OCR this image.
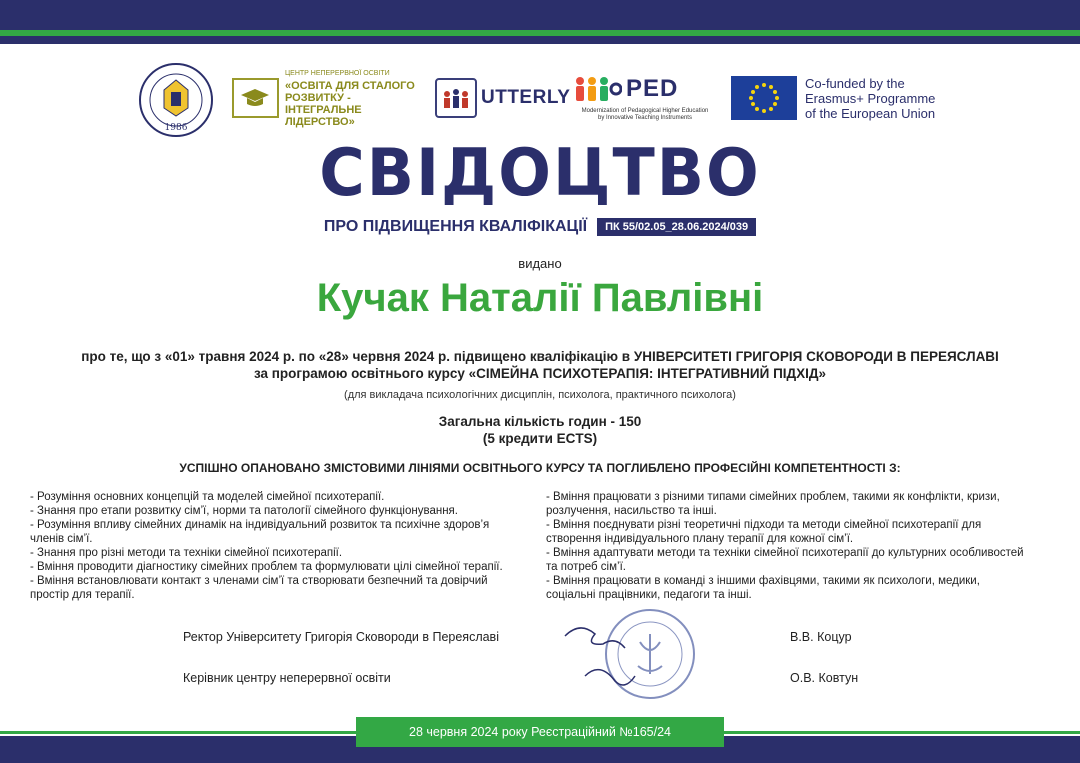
1986
ЦЕНТР НЕПЕРЕРВНОЇ ОСВІТИ
«ОСВІТА ДЛЯ СТАЛОГО
РОЗВИТКУ - ІНТЕГРАЛЬНЕ
ЛІДЕРСТВО»
UTTERLY PED
Modernization of Pedagogical Higher Education
by Innovative Teaching Instruments
Co-funded by the
Erasmus+ Programme
of the European Union
СВІДОЦТВО
ПРО ПІДВИЩЕННЯ КВАЛІФІКАЦІЇ	ПК 55/02.05_28.06.2024/039
видано
Кучак Наталії Павлівні
про те, що з «01» травня 2024 р. по «28» червня 2024 р. підвищено кваліфікацію в УНІВЕРСИТЕТІ ГРИГОРІЯ СКОВОРОДИ В ПЕРЕЯСЛАВІ
за програмою освітнього курсу «СІМЕЙНА ПСИХОТЕРАПІЯ: ІНТЕГРАТИВНИЙ ПІДХІД»
(для викладача психологічних дисциплін, психолога, практичного психолога)
Загальна кількість годин - 150
(5 кредити ECTS)
УСПІШНО ОПАНОВАНО ЗМІСТОВИМИ ЛІНІЯМИ ОСВІТНЬОГО КУРСУ ТА ПОГЛИБЛЕНО ПРОФЕСІЙНІ КОМПЕТЕНТНОСТІ З:
- Розуміння основних концепцій та моделей сімейної психотерапії.
- Знання про етапи розвитку сім’ї, норми та патології сімейного функціонування.
- Розуміння впливу сімейних динамік на індивідуальний розвиток та психічне здоров’я
членів сім’ї.
- Знання про різні методи та техніки сімейної психотерапії.
- Вміння проводити діагностику сімейних проблем та формулювати цілі сімейної терапії.
- Вміння встановлювати контакт з членами сім’ї та створювати безпечний та довірчий
простір для терапії.
- Вміння працювати з різними типами сімейних проблем, такими як конфлікти, кризи,
розлучення, насильство та інші.
- Вміння поєднувати різні теоретичні підходи та методи сімейної психотерапії для
створення індивідуального плану терапії для кожної сім’ї.
- Вміння адаптувати методи та техніки сімейної психотерапії до культурних особливостей
та потреб сім’ї.
- Вміння працювати в команді з іншими фахівцями, такими як психологи, медики,
соціальні працівники, педагоги та інші.
Ректор Університету Григорія Сковороди в Переяславі	В.В. Коцур
Керівник центру неперервної освіти	О.В. Ковтун
28 червня 2024 року Реєстраційний №165/24
